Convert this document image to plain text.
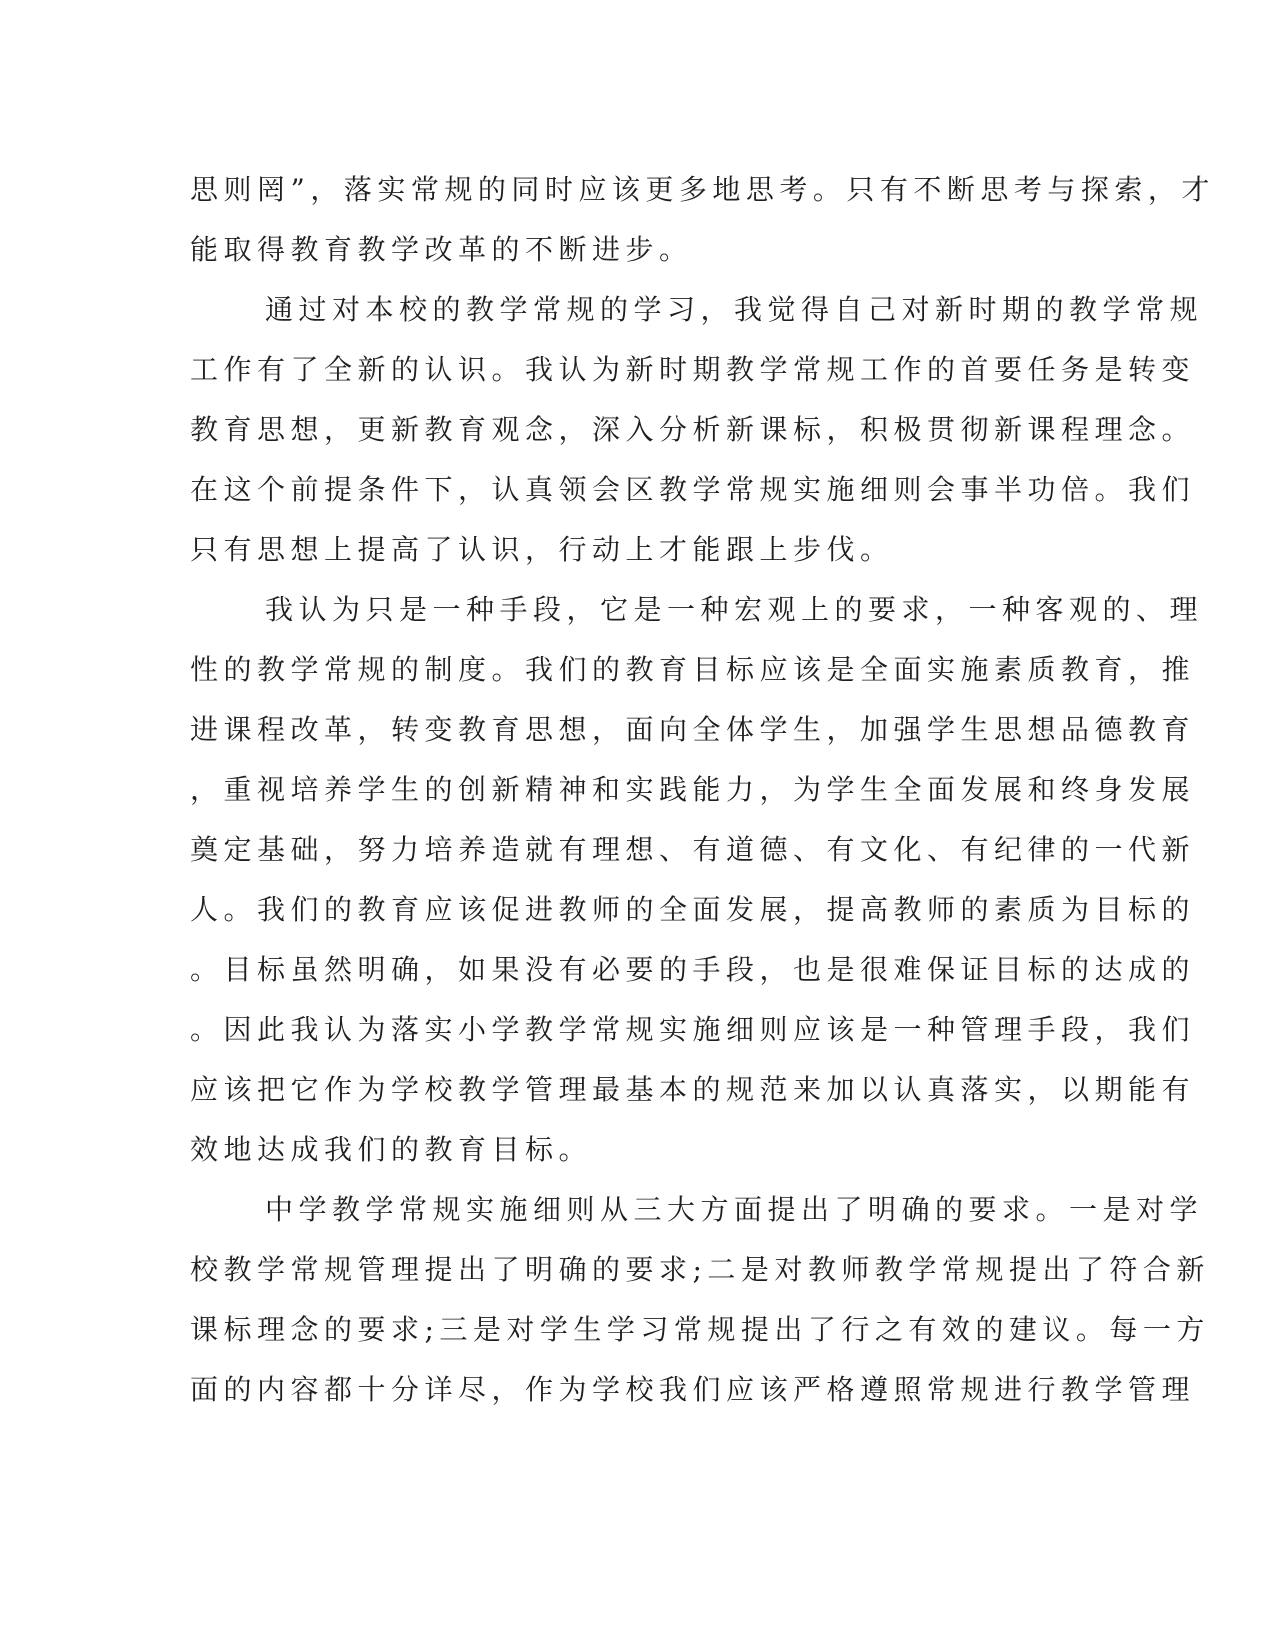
思则罔”，落实常规的同时应该更多地思考。只有不断思考与探索，才
能取得教育教学改革的不断进步。
通过对本校的教学常规的学习，我觉得自己对新时期的教学常规
工作有了全新的认识。我认为新时期教学常规工作的首要任务是转变
教育思想，更新教育观念，深入分析新课标，积极贯彻新课程理念。
在这个前提条件下，认真领会区教学常规实施细则会事半功倍。我们
只有思想上提高了认识，行动上才能跟上步伐。
我认为只是一种手段，它是一种宏观上的要求，一种客观的、理
性的教学常规的制度。我们的教育目标应该是全面实施素质教育，推
进课程改革，转变教育思想，面向全体学生，加强学生思想品德教育
，重视培养学生的创新精神和实践能力，为学生全面发展和终身发展
奠定基础，努力培养造就有理想、有道德、有文化、有纪律的一代新
人。我们的教育应该促进教师的全面发展，提高教师的素质为目标的
。目标虽然明确，如果没有必要的手段，也是很难保证目标的达成的
。因此我认为落实小学教学常规实施细则应该是一种管理手段，我们
应该把它作为学校教学管理最基本的规范来加以认真落实，以期能有
效地达成我们的教育目标。
中学教学常规实施细则从三大方面提出了明确的要求。一是对学
校教学常规管理提出了明确的要求;二是对教师教学常规提出了符合新
课标理念的要求;三是对学生学习常规提出了行之有效的建议。每一方
面的内容都十分详尽，作为学校我们应该严格遵照常规进行教学管理
